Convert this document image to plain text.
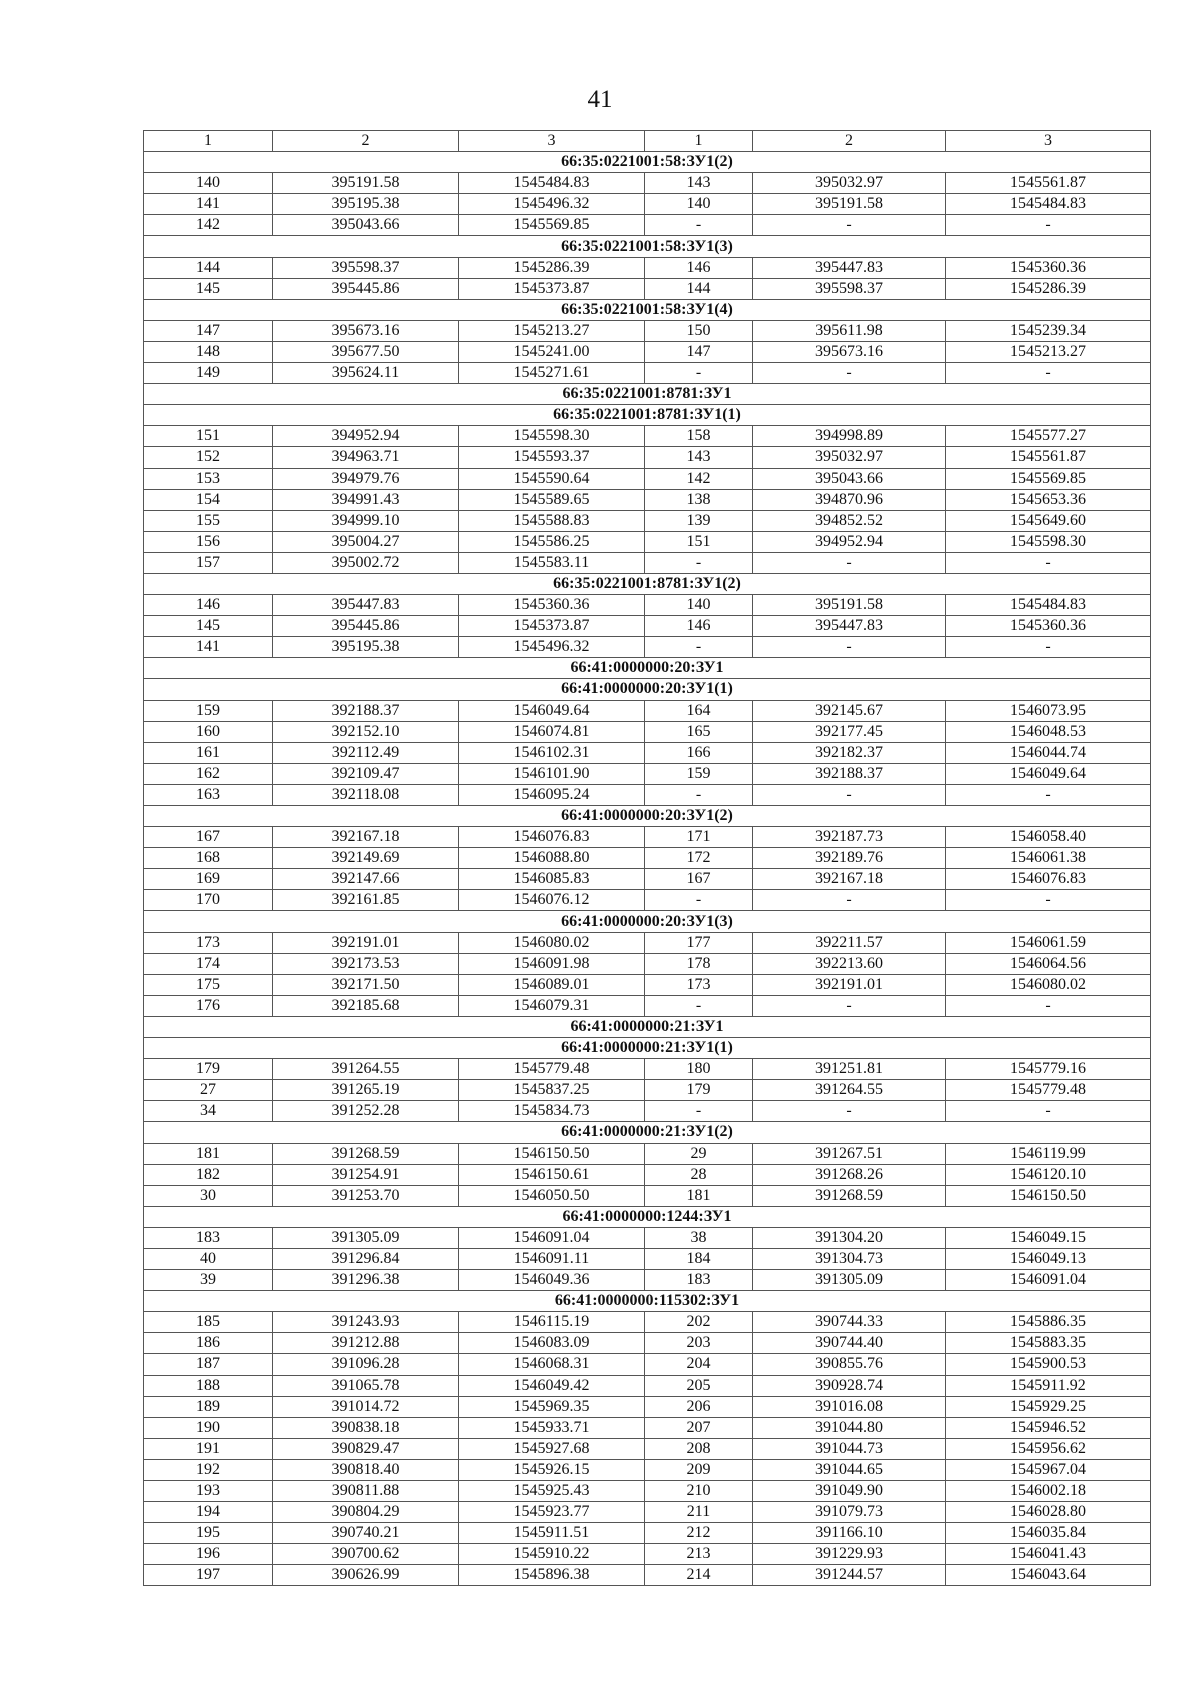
41
1	2	3	1	2	3
66:35:0221001:58:ЗУ1(2)					
140	395191.58	1545484.83	143	395032.97	1545561.87
141	395195.38	1545496.32	140	395191.58	1545484.83
142	395043.66	1545569.85	-	-	-
66:35:0221001:58:ЗУ1(3)					
144	395598.37	1545286.39	146	395447.83	1545360.36
145	395445.86	1545373.87	144	395598.37	1545286.39
66:35:0221001:58:ЗУ1(4)					
147	395673.16	1545213.27	150	395611.98	1545239.34
148	395677.50	1545241.00	147	395673.16	1545213.27
149	395624.11	1545271.61	-	-	-
66:35:0221001:8781:ЗУ1					
66:35:0221001:8781:ЗУ1(1)					
151	394952.94	1545598.30	158	394998.89	1545577.27
152	394963.71	1545593.37	143	395032.97	1545561.87
153	394979.76	1545590.64	142	395043.66	1545569.85
154	394991.43	1545589.65	138	394870.96	1545653.36
155	394999.10	1545588.83	139	394852.52	1545649.60
156	395004.27	1545586.25	151	394952.94	1545598.30
157	395002.72	1545583.11	-	-	-
66:35:0221001:8781:ЗУ1(2)					
146	395447.83	1545360.36	140	395191.58	1545484.83
145	395445.86	1545373.87	146	395447.83	1545360.36
141	395195.38	1545496.32	-	-	-
66:41:0000000:20:ЗУ1					
66:41:0000000:20:ЗУ1(1)					
159	392188.37	1546049.64	164	392145.67	1546073.95
160	392152.10	1546074.81	165	392177.45	1546048.53
161	392112.49	1546102.31	166	392182.37	1546044.74
162	392109.47	1546101.90	159	392188.37	1546049.64
163	392118.08	1546095.24	-	-	-
66:41:0000000:20:ЗУ1(2)					
167	392167.18	1546076.83	171	392187.73	1546058.40
168	392149.69	1546088.80	172	392189.76	1546061.38
169	392147.66	1546085.83	167	392167.18	1546076.83
170	392161.85	1546076.12	-	-	-
66:41:0000000:20:ЗУ1(3)					
173	392191.01	1546080.02	177	392211.57	1546061.59
174	392173.53	1546091.98	178	392213.60	1546064.56
175	392171.50	1546089.01	173	392191.01	1546080.02
176	392185.68	1546079.31	-	-	-
66:41:0000000:21:ЗУ1					
66:41:0000000:21:ЗУ1(1)					
179	391264.55	1545779.48	180	391251.81	1545779.16
27	391265.19	1545837.25	179	391264.55	1545779.48
34	391252.28	1545834.73	-	-	-
66:41:0000000:21:ЗУ1(2)					
181	391268.59	1546150.50	29	391267.51	1546119.99
182	391254.91	1546150.61	28	391268.26	1546120.10
30	391253.70	1546050.50	181	391268.59	1546150.50
66:41:0000000:1244:ЗУ1					
183	391305.09	1546091.04	38	391304.20	1546049.15
40	391296.84	1546091.11	184	391304.73	1546049.13
39	391296.38	1546049.36	183	391305.09	1546091.04
66:41:0000000:115302:ЗУ1					
185	391243.93	1546115.19	202	390744.33	1545886.35
186	391212.88	1546083.09	203	390744.40	1545883.35
187	391096.28	1546068.31	204	390855.76	1545900.53
188	391065.78	1546049.42	205	390928.74	1545911.92
189	391014.72	1545969.35	206	391016.08	1545929.25
190	390838.18	1545933.71	207	391044.80	1545946.52
191	390829.47	1545927.68	208	391044.73	1545956.62
192	390818.40	1545926.15	209	391044.65	1545967.04
193	390811.88	1545925.43	210	391049.90	1546002.18
194	390804.29	1545923.77	211	391079.73	1546028.80
195	390740.21	1545911.51	212	391166.10	1546035.84
196	390700.62	1545910.22	213	391229.93	1546041.43
197	390626.99	1545896.38	214	391244.57	1546043.64
